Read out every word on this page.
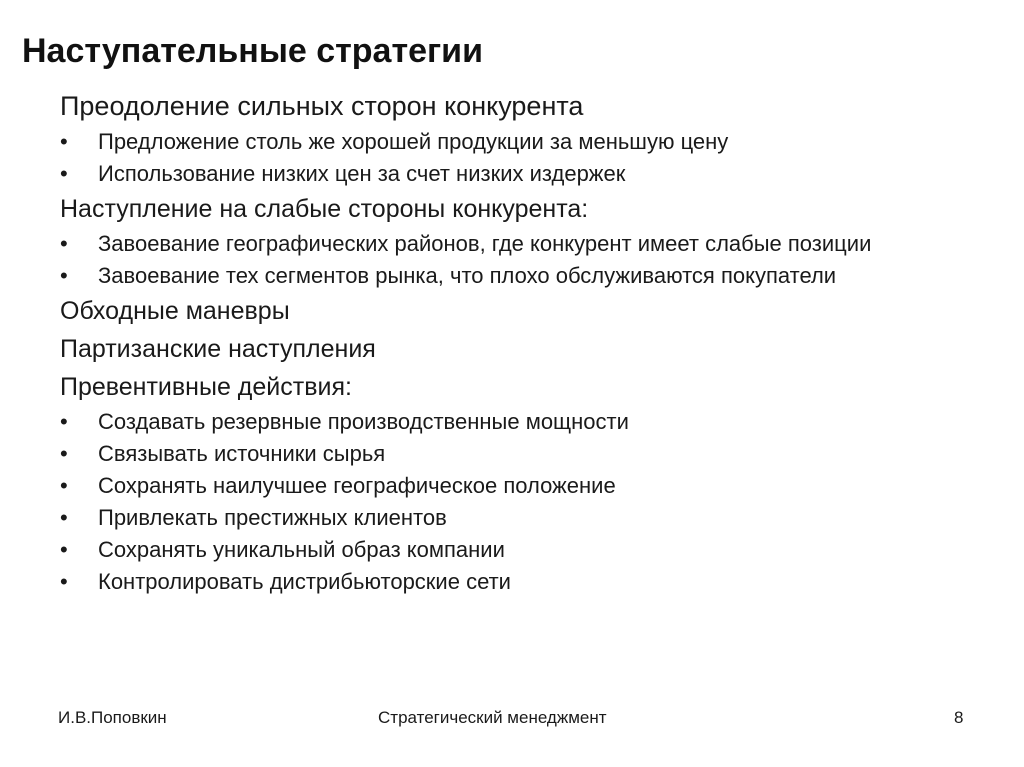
Наступательные стратегии
Преодоление сильных сторон конкурента
• Предложение столь же хорошей продукции за меньшую цену
• Использование низких цен за счет низких издержек
Наступление на слабые стороны конкурента:
• Завоевание географических районов, где конкурент имеет слабые позиции
• Завоевание тех сегментов рынка, что плохо обслуживаются покупатели
Обходные маневры
Партизанские наступления
Превентивные действия:
• Создавать резервные производственные мощности
• Связывать источники сырья
• Сохранять наилучшее географическое положение
• Привлекать престижных клиентов
• Сохранять уникальный образ компании
• Контролировать дистрибьюторские сети
И.В.Поповкин	Стратегический менеджмент	8
